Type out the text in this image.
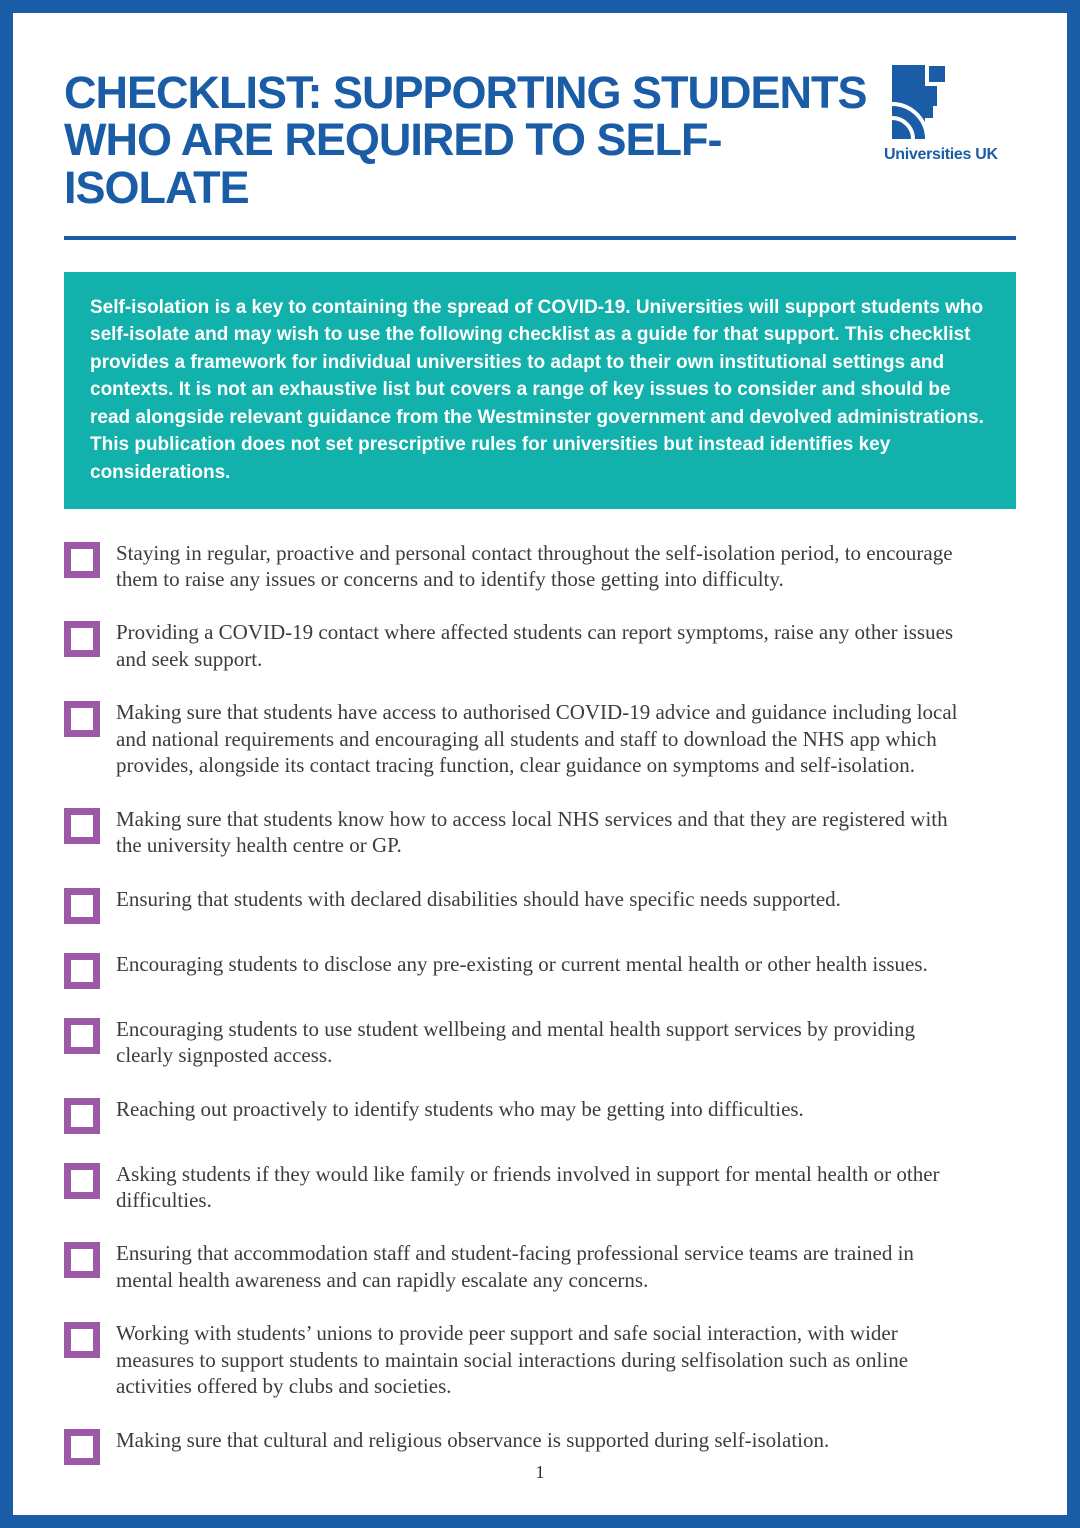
CHECKLIST: SUPPORTING STUDENTS
WHO ARE REQUIRED TO SELF-ISOLATE
Universities UK

Self-isolation is a key to containing the spread of COVID-19. Universities will support students who self-isolate and may wish to use the following checklist as a guide for that support. This checklist provides a framework for individual universities to adapt to their own institutional settings and contexts. It is not an exhaustive list but covers a range of key issues to consider and should be read alongside relevant guidance from the Westminster government and devolved administrations. This publication does not set prescriptive rules for universities but instead identifies key considerations.

Staying in regular, proactive and personal contact throughout the self-isolation period, to encourage them to raise any issues or concerns and to identify those getting into difficulty.

Providing a COVID-19 contact where affected students can report symptoms, raise any other issues and seek support.

Making sure that students have access to authorised COVID-19 advice and guidance including local and national requirements and encouraging all students and staff to download the NHS app which provides, alongside its contact tracing function, clear guidance on symptoms and self-isolation.

Making sure that students know how to access local NHS services and that they are registered with the university health centre or GP.

Ensuring that students with declared disabilities should have specific needs supported.

Encouraging students to disclose any pre-existing or current mental health or other health issues.

Encouraging students to use student wellbeing and mental health support services by providing clearly signposted access.

Reaching out proactively to identify students who may be getting into difficulties.

Asking students if they would like family or friends involved in support for mental health or other difficulties.

Ensuring that accommodation staff and student-facing professional service teams are trained in mental health awareness and can rapidly escalate any concerns.

Working with students’ unions to provide peer support and safe social interaction, with wider measures to support students to maintain social interactions during selfisolation such as online activities offered by clubs and societies.

Making sure that cultural and religious observance is supported during self-isolation.

1
